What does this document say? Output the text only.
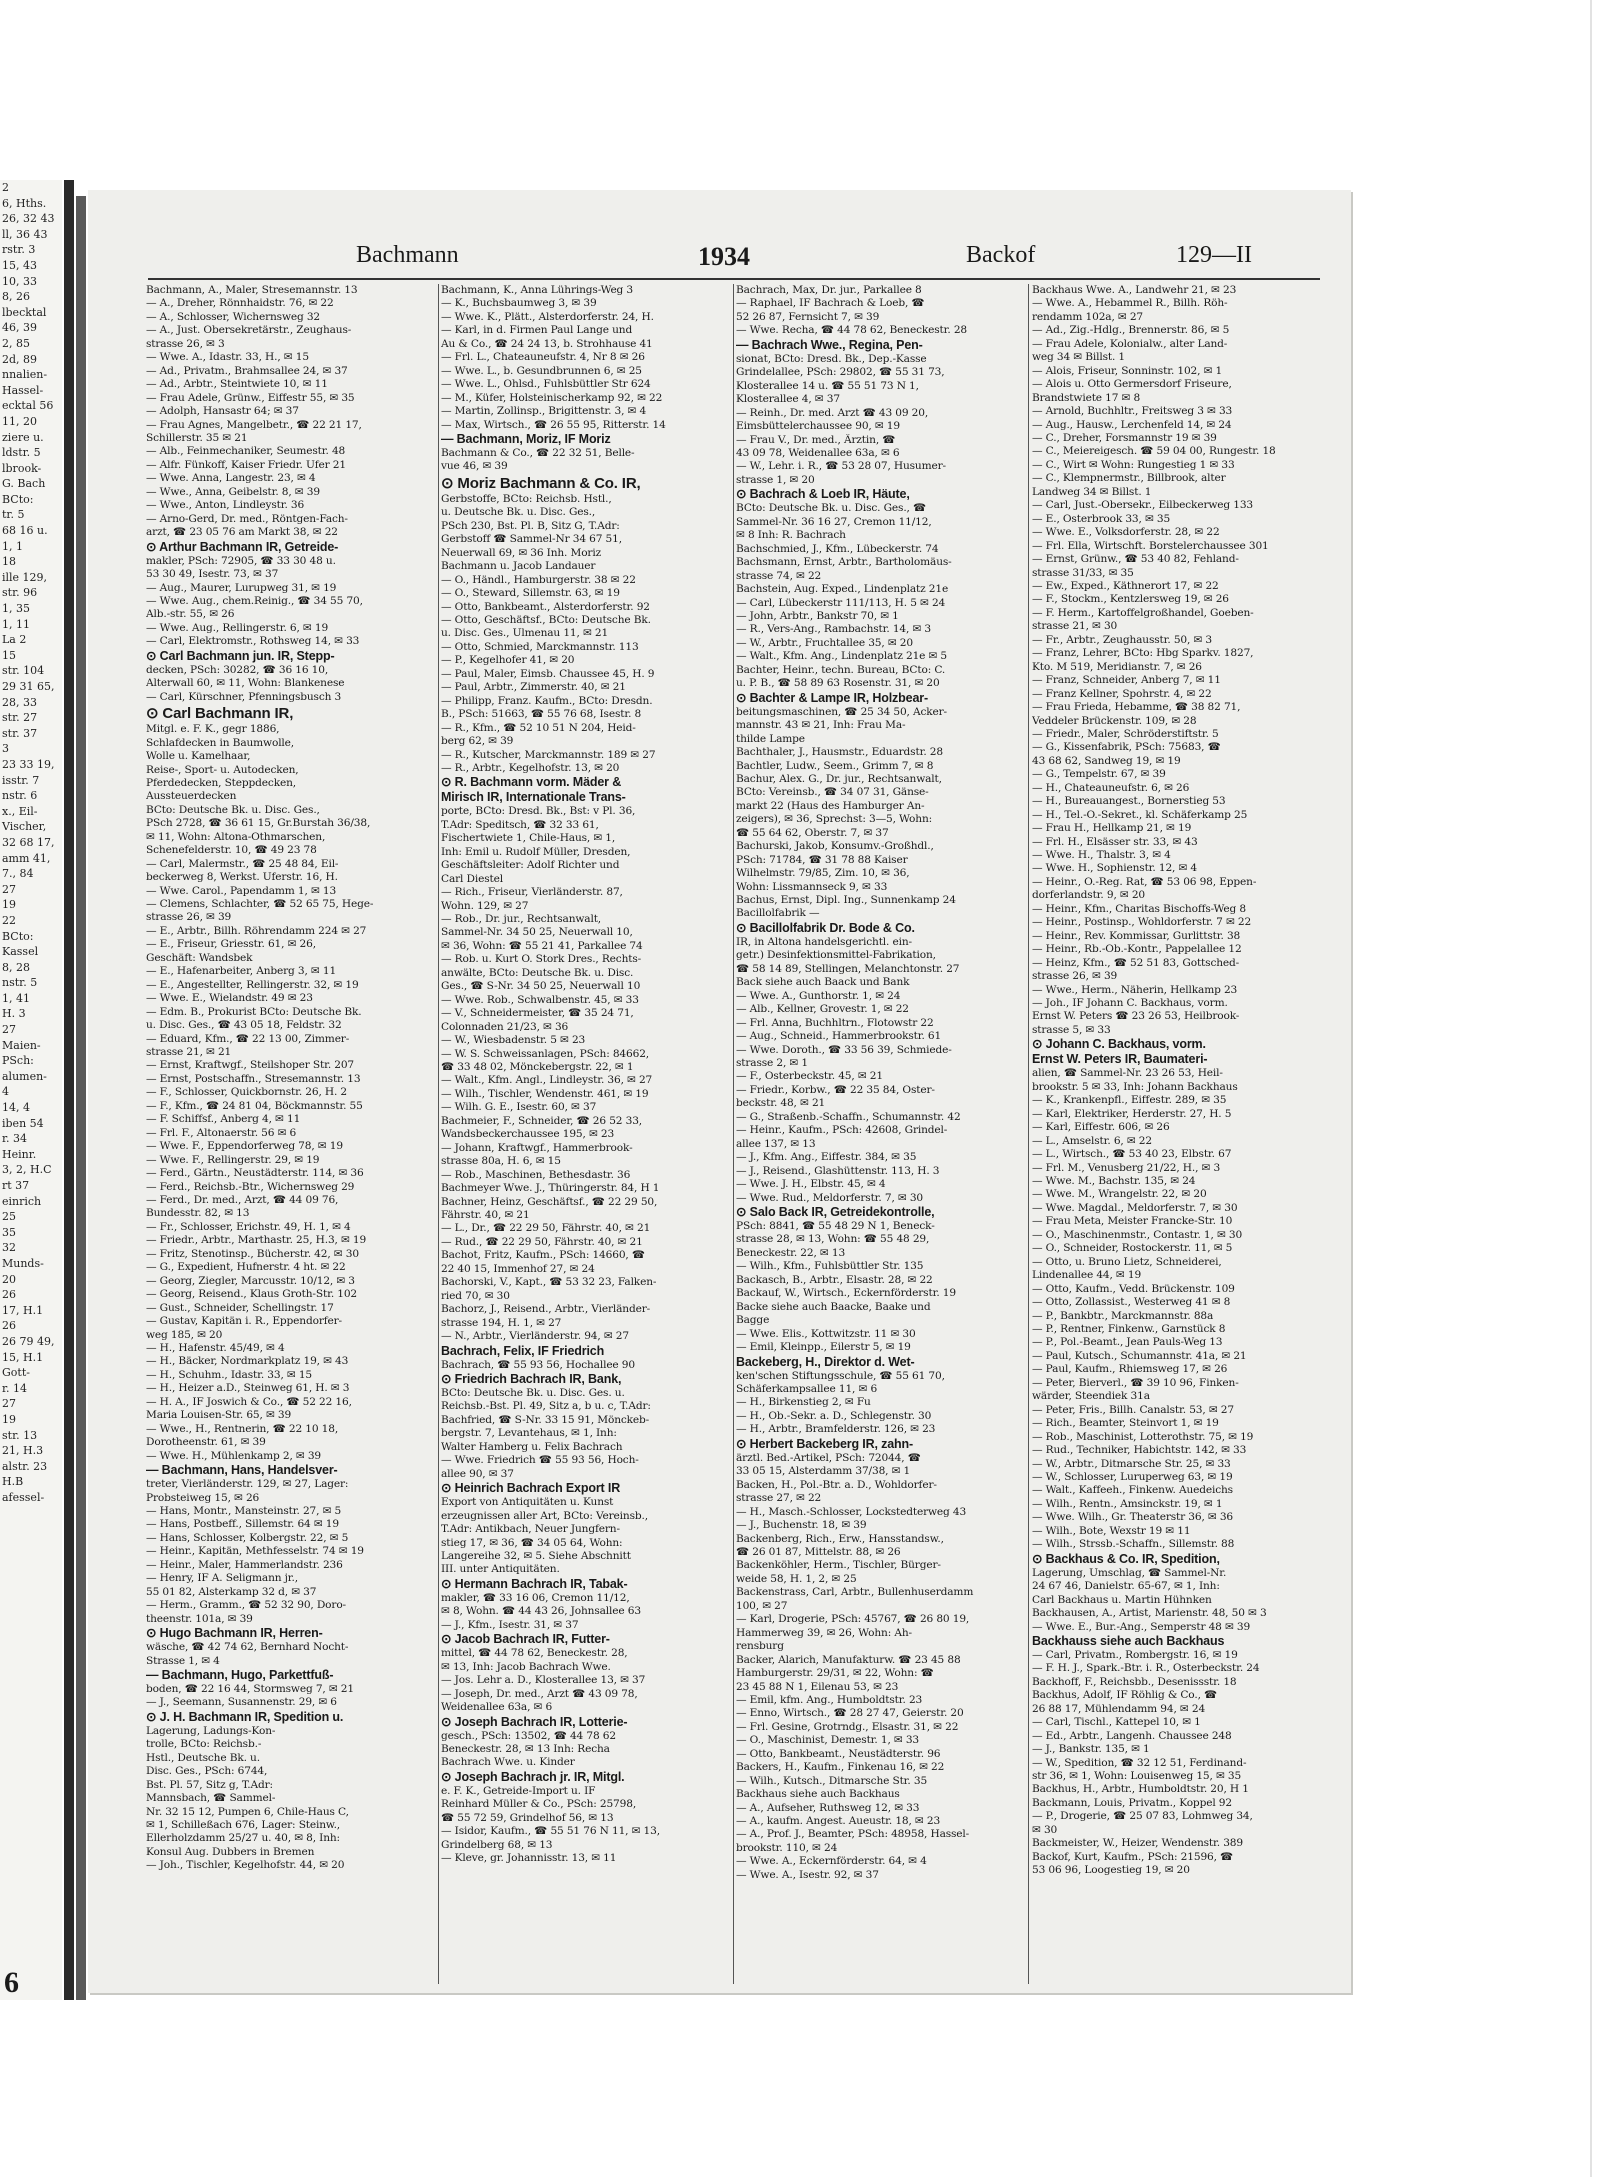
2
6, Hths.
26, 32 43
ll, 36 43
rstr. 3
15, 43
10, 33
8, 26
lbecktal
46, 39
2, 85
2d, 89
nnalien-
Hassel-
ecktal 56
11, 20
ziere u.
ldstr. 5
lbrook-
G. Bach
BCto:
tr. 5
68 16 u.
1, 1
18
ille 129,
str. 96
1, 35
1, 11
La 2
15
str. 104
29 31 65,
28, 33
str. 27
str. 37
3
23 33 19,
isstr. 7
nstr. 6
x., Eil-
Vischer,
32 68 17,
amm 41,
7., 84
27
19
22
BCto:
Kassel
8, 28
nstr. 5
1, 41
H. 3
27
Maien-
PSch:
alumen-
4
14, 4
iben 54
r. 34
Heinr.
3, 2, H.C
rt 37
einrich
25
35
32
Munds-
20
26
17, H.1
26
26 79 49,
15, H.1
Gott-
r. 14
27
19
str. 13
21, H.3
alstr. 23
H.B
afessel-
6
Bachmann	1934	Backof	129—II
Bachmann, A., Maler, Stresemannstr. 13
— A., Dreher, Rönnhaidstr. 76, ✉ 22
— A., Schlosser, Wichernsweg 32
— A., Just. Obersekretärstr., Zeughaus-
strasse 26, ✉ 3
— Wwe. A., Idastr. 33, H., ✉ 15
— Ad., Privatm., Brahmsallee 24, ✉ 37
— Ad., Arbtr., Steintwiete 10, ✉ 11
— Frau Adele, Grünw., Eiffestr 55, ✉ 35
— Adolph, Hansastr 64; ✉ 37
— Frau Agnes, Mangelbetr., ☎ 22 21 17,
Schillerstr. 35 ✉ 21
— Alb., Feinmechaniker, Seumestr. 48
— Alfr. Fünkoff, Kaiser Friedr. Ufer 21
— Wwe. Anna, Langestr. 23, ✉ 4
— Wwe., Anna, Geibelstr. 8, ✉ 39
— Wwe., Anton, Lindleystr. 36
— Arno-Gerd, Dr. med., Röntgen-Fach-
arzt, ☎ 23 05 76 am Markt 38, ✉ 22
⊙ Arthur Bachmann IR, Getreide-
makler, PSch: 72905, ☎ 33 30 48 u.
53 30 49, Isestr. 73, ✉ 37
— Aug., Maurer, Lurupweg 31, ✉ 19
— Wwe. Aug., chem.Reinig., ☎ 34 55 70,
Alb.-str. 55, ✉ 26
— Wwe. Aug., Rellingerstr. 6, ✉ 19
— Carl, Elektromstr., Rothsweg 14, ✉ 33
⊙ Carl Bachmann jun. IR, Stepp-
decken, PSch: 30282, ☎ 36 16 10,
Alterwall 60, ✉ 11, Wohn: Blankenese
— Carl, Kürschner, Pfenningsbusch 3
⊙ Carl Bachmann IR,
Mitgl. e. F. K., gegr 1886,
Schlafdecken in Baumwolle,
Wolle u. Kamelhaar,
Reise-, Sport- u. Autodecken,
Pferdedecken, Steppdecken,
Aussteuerdecken
BCto: Deutsche Bk. u. Disc. Ges.,
PSch 2728, ☎ 36 61 15, Gr.Burstah 36/38,
✉ 11, Wohn: Altona-Othmarschen,
Schenefelderstr. 10, ☎ 49 23 78
— Carl, Malermstr., ☎ 25 48 84, Eil-
beckerweg 8, Werkst. Uferstr. 16, H.
— Wwe. Carol., Papendamm 1, ✉ 13
— Clemens, Schlachter, ☎ 52 65 75, Hege-
strasse 26, ✉ 39
— E., Arbtr., Billh. Röhrendamm 224 ✉ 27
— E., Friseur, Griesstr. 61, ✉ 26,
Geschäft: Wandsbek
— E., Hafenarbeiter, Anberg 3, ✉ 11
— E., Angestellter, Rellingerstr. 32, ✉ 19
— Wwe. E., Wielandstr. 49 ✉ 23
— Edm. B., Prokurist BCto: Deutsche Bk.
u. Disc. Ges., ☎ 43 05 18, Feldstr. 32
— Eduard, Kfm., ☎ 22 13 00, Zimmer-
strasse 21, ✉ 21
— Ernst, Kraftwgf., Steilshoper Str. 207
— Ernst, Postschaffn., Stresemannstr. 13
— F., Schlosser, Quickbornstr. 26, H. 2
— F., Kfm., ☎ 24 81 04, Böckmannstr. 55
— F. Schiffsf., Anberg 4, ✉ 11
— Frl. F., Altonaerstr. 56 ✉ 6
— Wwe. F., Eppendorferweg 78, ✉ 19
— Wwe. F., Rellingerstr. 29, ✉ 19
— Ferd., Gärtn., Neustädterstr. 114, ✉ 36
— Ferd., Reichsb.-Btr., Wichernsweg 29
— Ferd., Dr. med., Arzt, ☎ 44 09 76,
Bundesstr. 82, ✉ 13
— Fr., Schlosser, Erichstr. 49, H. 1, ✉ 4
— Friedr., Arbtr., Marthastr. 25, H.3, ✉ 19
— Fritz, Stenotinsp., Bücherstr. 42, ✉ 30
— G., Expedient, Hufnerstr. 4 ht. ✉ 22
— Georg, Ziegler, Marcusstr. 10/12, ✉ 3
— Georg, Reisend., Klaus Groth-Str. 102
— Gust., Schneider, Schellingstr. 17
— Gustav, Kapitän i. R., Eppendorfer-
weg 185, ✉ 20
— H., Hafenstr. 45/49, ✉ 4
— H., Bäcker, Nordmarkplatz 19, ✉ 43
— H., Schuhm., Idastr. 33, ✉ 15
— H., Heizer a.D., Steinweg 61, H. ✉ 3
— H. A., IF Joswich & Co., ☎ 52 22 16,
Maria Louisen-Str. 65, ✉ 39
— Wwe., H., Rentnerin, ☎ 22 10 18,
Dorotheenstr. 61, ✉ 39
— Wwe. H., Mühlenkamp 2, ✉ 39
— Bachmann, Hans, Handelsver-
treter, Vierländerstr. 129, ✉ 27, Lager:
Probsteiweg 15, ✉ 26
— Hans, Montr., Mansteinstr. 27, ✉ 5
— Hans, Postbeff., Sillemstr. 64 ✉ 19
— Hans, Schlosser, Kolbergstr. 22, ✉ 5
— Heinr., Kapitän, Methfesselstr. 74 ✉ 19
— Heinr., Maler, Hammerlandstr. 236
— Henry, IF A. Seligmann jr.,
55 01 82, Alsterkamp 32 d, ✉ 37
— Herm., Gramm., ☎ 52 32 90, Doro-
theenstr. 101a, ✉ 39
⊙ Hugo Bachmann IR, Herren-
wäsche, ☎ 42 74 62, Bernhard Nocht-
Strasse 1, ✉ 4
— Bachmann, Hugo, Parkettfuß-
boden, ☎ 22 16 44, Stormsweg 7, ✉ 21
— J., Seemann, Susannenstr. 29, ✉ 6
⊙ J. H. Bachmann IR, Spedition u.
Lagerung, Ladungs-Kon-
trolle, BCto: Reichsb.-
Hstl., Deutsche Bk. u.
Disc. Ges., PSch: 6744,
Bst. Pl. 57, Sitz g, T.Adr:
Mannsbach, ☎ Sammel-
Nr. 32 15 12, Pumpen 6, Chile-Haus C,
✉ 1, Schilleßach 676, Lager: Steinw.,
Ellerholzdamm 25/27 u. 40, ✉ 8, Inh:
Konsul Aug. Dubbers in Bremen
— Joh., Tischler, Kegelhofstr. 44, ✉ 20
Bachmann, K., Anna Lührings-Weg 3
— K., Buchsbaumweg 3, ✉ 39
— Wwe. K., Plätt., Alsterdorferstr. 24, H.
— Karl, in d. Firmen Paul Lange und
Au & Co., ☎ 24 24 13, b. Strohhause 41
— Frl. L., Chateauneufstr. 4, Nr 8 ✉ 26
— Wwe. L., b. Gesundbrunnen 6, ✉ 25
— Wwe. L., Ohlsd., Fuhlsbüttler Str 624
— M., Küfer, Holsteinischerkamp 92, ✉ 22
— Martin, Zollinsp., Brigittenstr. 3, ✉ 4
— Max, Wirtsch., ☎ 26 55 95, Ritterstr. 14
— Bachmann, Moriz, IF Moriz
Bachmann & Co., ☎ 22 32 51, Belle-
vue 46, ✉ 39
⊙ Moriz Bachmann & Co. IR,
Gerbstoffe, BCto: Reichsb. Hstl.,
u. Deutsche Bk. u. Disc. Ges.,
PSch 230, Bst. Pl. B, Sitz G, T.Adr:
Gerbstoff ☎ Sammel-Nr 34 67 51,
Neuerwall 69, ✉ 36 Inh. Moriz
Bachmann u. Jacob Landauer
— O., Händl., Hamburgerstr. 38 ✉ 22
— O., Steward, Sillemstr. 63, ✉ 19
— Otto, Bankbeamt., Alsterdorferstr. 92
— Otto, Geschäftsf., BCto: Deutsche Bk.
u. Disc. Ges., Ulmenau 11, ✉ 21
— Otto, Schmied, Marckmannstr. 113
— P., Kegelhofer 41, ✉ 20
— Paul, Maler, Eimsb. Chaussee 45, H. 9
— Paul, Arbtr., Zimmerstr. 40, ✉ 21
— Philipp, Franz. Kaufm., BCto: Dresdn.
B., PSch: 51663, ☎ 55 76 68, Isestr. 8
— R., Kfm., ☎ 52 10 51 N 204, Heid-
berg 62, ✉ 39
— R., Kutscher, Marckmannstr. 189 ✉ 27
— R., Arbtr., Kegelhofstr. 13, ✉ 20
⊙ R. Bachmann vorm. Mäder &
Mirisch IR, Internationale Trans-
porte, BCto: Dresd. Bk., Bst: v Pl. 36,
T.Adr: Speditsch, ☎ 32 33 61,
Fischertwiete 1, Chile-Haus, ✉ 1,
Inh: Emil u. Rudolf Müller, Dresden,
Geschäftsleiter: Adolf Richter und
Carl Diestel
— Rich., Friseur, Vierländerstr. 87,
Wohn. 129, ✉ 27
— Rob., Dr. jur., Rechtsanwalt,
Sammel-Nr. 34 50 25, Neuerwall 10,
✉ 36, Wohn: ☎ 55 21 41, Parkallee 74
— Rob. u. Kurt O. Stork Dres., Rechts-
anwälte, BCto: Deutsche Bk. u. Disc.
Ges., ☎ S-Nr. 34 50 25, Neuerwall 10
— Wwe. Rob., Schwalbenstr. 45, ✉ 33
— V., Schneidermeister, ☎ 35 24 71,
Colonnaden 21/23, ✉ 36
— W., Wiesbadenstr. 5 ✉ 23
— W. S. Schweissanlagen, PSch: 84662,
☎ 33 48 02, Mönckebergstr. 22, ✉ 1
— Walt., Kfm. Angl., Lindleystr. 36, ✉ 27
— Wilh., Tischler, Wendenstr. 461, ✉ 19
— Wilh. G. E., Isestr. 60, ✉ 37
Bachmeier, F., Schneider, ☎ 26 52 33,
Wandsbeckerchaussee 195, ✉ 23
— Johann, Kraftwgf., Hammerbrook-
strasse 80a, H. 6, ✉ 15
— Rob., Maschinen, Bethesdastr. 36
Bachmeyer Wwe. J., Thüringerstr. 84, H 1
Bachner, Heinz, Geschäftsf., ☎ 22 29 50,
Fährstr. 40, ✉ 21
— L., Dr., ☎ 22 29 50, Fährstr. 40, ✉ 21
— Rud., ☎ 22 29 50, Fährstr. 40, ✉ 21
Bachot, Fritz, Kaufm., PSch: 14660, ☎
22 40 15, Immenhof 27, ✉ 24
Bachorski, V., Kapt., ☎ 53 32 23, Falken-
ried 70, ✉ 30
Bachorz, J., Reisend., Arbtr., Vierländer-
strasse 194, H. 1, ✉ 27
— N., Arbtr., Vierländerstr. 94, ✉ 27
Bachrach, Felix, IF Friedrich
Bachrach, ☎ 55 93 56, Hochallee 90
⊙ Friedrich Bachrach IR, Bank,
BCto: Deutsche Bk. u. Disc. Ges. u.
Reichsb.-Bst. Pl. 49, Sitz a, b u. c, T.Adr:
Bachfried, ☎ S-Nr. 33 15 91, Mönckeb-
bergstr. 7, Levantehaus, ✉ 1, Inh:
Walter Hamberg u. Felix Bachrach
— Wwe. Friedrich ☎ 55 93 56, Hoch-
allee 90, ✉ 37
⊙ Heinrich Bachrach Export IR
Export von Antiquitäten u. Kunst
erzeugnissen aller Art, BCto: Vereinsb.,
T.Adr: Antikbach, Neuer Jungfern-
stieg 17, ✉ 36, ☎ 34 05 64, Wohn:
Langereihe 32, ✉ 5. Siehe Abschnitt
III. unter Antiquitäten.
⊙ Hermann Bachrach IR, Tabak-
makler, ☎ 33 16 06, Cremon 11/12,
✉ 8, Wohn. ☎ 44 43 26, Johnsallee 63
— J., Kfm., Isestr. 31, ✉ 37
⊙ Jacob Bachrach IR, Futter-
mittel, ☎ 44 78 62, Beneckestr. 28,
✉ 13, Inh: Jacob Bachrach Wwe.
— Jos. Lehr a. D., Klosterallee 13, ✉ 37
— Joseph, Dr. med., Arzt ☎ 43 09 78,
Weidenallee 63a, ✉ 6
⊙ Joseph Bachrach IR, Lotterie-
gesch., PSch: 13502, ☎ 44 78 62
Beneckestr. 28, ✉ 13 Inh: Recha
Bachrach Wwe. u. Kinder
⊙ Joseph Bachrach jr. IR, Mitgl.
e. F. K., Getreide-Import u. IF
Reinhard Müller & Co., PSch: 25798,
☎ 55 72 59, Grindelhof 56, ✉ 13
— Isidor, Kaufm., ☎ 55 51 76 N 11, ✉ 13,
Grindelberg 68, ✉ 13
— Kleve, gr. Johannisstr. 13, ✉ 11
Bachrach, Max, Dr. jur., Parkallee 8
— Raphael, IF Bachrach & Loeb, ☎
52 26 87, Fernsicht 7, ✉ 39
— Wwe. Recha, ☎ 44 78 62, Beneckestr. 28
— Bachrach Wwe., Regina, Pen-
sionat, BCto: Dresd. Bk., Dep.-Kasse
Grindelallee, PSch: 29802, ☎ 55 31 73,
Klosterallee 14 u. ☎ 55 51 73 N 1,
Klosterallee 4, ✉ 37
— Reinh., Dr. med. Arzt ☎ 43 09 20,
Eimsbüttelerchaussee 90, ✉ 19
— Frau V., Dr. med., Ärztin, ☎
43 09 78, Weidenallee 63a, ✉ 6
— W., Lehr. i. R., ☎ 53 28 07, Husumer-
strasse 1, ✉ 20
⊙ Bachrach & Loeb IR, Häute,
BCto: Deutsche Bk. u. Disc. Ges., ☎
Sammel-Nr. 36 16 27, Cremon 11/12,
✉ 8 Inh: R. Bachrach
Bachschmied, J., Kfm., Lübeckerstr. 74
Bachsmann, Ernst, Arbtr., Bartholomäus-
strasse 74, ✉ 22
Bachstein, Aug. Exped., Lindenplatz 21e
— Carl, Lübeckerstr 111/113, H. 5 ✉ 24
— John, Arbtr., Bankstr 70, ✉ 1
— R., Vers-Ang., Rambachstr. 14, ✉ 3
— W., Arbtr., Fruchtallee 35, ✉ 20
— Walt., Kfm. Ang., Lindenplatz 21e ✉ 5
Bachter, Heinr., techn. Bureau, BCto: C.
u. P. B., ☎ 58 89 63 Rosenstr. 31, ✉ 20
⊙ Bachter & Lampe IR, Holzbear-
beitungsmaschinen, ☎ 25 34 50, Acker-
mannstr. 43 ✉ 21, Inh: Frau Ma-
thilde Lampe
Bachthaler, J., Hausmstr., Eduardstr. 28
Bachtler, Ludw., Seem., Grimm 7, ✉ 8
Bachur, Alex. G., Dr. jur., Rechtsanwalt,
BCto: Vereinsb., ☎ 34 07 31, Gänse-
markt 22 (Haus des Hamburger An-
zeigers), ✉ 36, Sprechst: 3—5, Wohn:
☎ 55 64 62, Oberstr. 7, ✉ 37
Bachurski, Jakob, Konsumv.-Großhdl.,
PSch: 71784, ☎ 31 78 88 Kaiser
Wilhelmstr. 79/85, Zim. 10, ✉ 36,
Wohn: Lissmannseck 9, ✉ 33
Bachus, Ernst, Dipl. Ing., Sunnenkamp 24
Bacillolfabrik —
⊙ Bacillolfabrik Dr. Bode & Co.
IR, in Altona handelsgerichtl. ein-
getr.) Desinfektionsmittel-Fabrikation,
☎ 58 14 89, Stellingen, Melanchtonstr. 27
Back siehe auch Baack und Bank
— Wwe. A., Gunthorstr. 1, ✉ 24
— Alb., Kellner, Grovestr. 1, ✉ 22
— Frl. Anna, Buchhltrn., Flotowstr 22
— Aug., Schneid., Hammerbrookstr. 61
— Wwe. Doroth., ☎ 33 56 39, Schmiede-
strasse 2, ✉ 1
— F., Osterbeckstr. 45, ✉ 21
— Friedr., Korbw., ☎ 22 35 84, Oster-
beckstr. 48, ✉ 21
— G., Straßenb.-Schaffn., Schumannstr. 42
— Heinr., Kaufm., PSch: 42608, Grindel-
allee 137, ✉ 13
— J., Kfm. Ang., Eiffestr. 384, ✉ 35
— J., Reisend., Glashüttenstr. 113, H. 3
— Wwe. J. H., Elbstr. 45, ✉ 4
— Wwe. Rud., Meldorferstr. 7, ✉ 30
⊙ Salo Back IR, Getreidekontrolle,
PSch: 8841, ☎ 55 48 29 N 1, Beneck-
strasse 28, ✉ 13, Wohn: ☎ 55 48 29,
Beneckestr. 22, ✉ 13
— Wilh., Kfm., Fuhlsbüttler Str. 135
Backasch, B., Arbtr., Elsastr. 28, ✉ 22
Backauf, W., Wirtsch., Eckernförderstr. 19
Backe siehe auch Baacke, Baake und
Bagge
— Wwe. Elis., Kottwitzstr. 11 ✉ 30
— Emil, Kleinpp., Eilerstr 5, ✉ 19
Backeberg, H., Direktor d. Wet-
ken'schen Stiftungsschule, ☎ 55 61 70,
Schäferkampsallee 11, ✉ 6
— H., Birkenstieg 2, ✉ Fu
— H., Ob.-Sekr. a. D., Schlegenstr. 30
— H., Arbtr., Bramfelderstr. 126, ✉ 23
⊙ Herbert Backeberg IR, zahn-
ärztl. Bed.-Artikel, PSch: 72044, ☎
33 05 15, Alsterdamm 37/38, ✉ 1
Backen, H., Pol.-Btr. a. D., Wohldorfer-
strasse 27, ✉ 22
— H., Masch.-Schlosser, Lockstedterweg 43
— J., Buchenstr. 18, ✉ 39
Backenberg, Rich., Erw., Hansstandsw.,
☎ 26 01 87, Mittelstr. 88, ✉ 26
Backenköhler, Herm., Tischler, Bürger-
weide 58, H. 1, 2, ✉ 25
Backenstrass, Carl, Arbtr., Bullenhuserdamm
100, ✉ 27
— Karl, Drogerie, PSch: 45767, ☎ 26 80 19,
Hammerweg 39, ✉ 26, Wohn: Ah-
rensburg
Backer, Alarich, Manufakturw. ☎ 23 45 88
Hamburgerstr. 29/31, ✉ 22, Wohn: ☎
23 45 88 N 1, Eilenau 53, ✉ 23
— Emil, kfm. Ang., Humboldtstr. 23
— Enno, Wirtsch., ☎ 28 27 47, Geierstr. 20
— Frl. Gesine, Grotrndg., Elsastr. 31, ✉ 22
— O., Maschinist, Demestr. 1, ✉ 33
— Otto, Bankbeamt., Neustädterstr. 96
Backers, H., Kaufm., Finkenau 16, ✉ 22
— Wilh., Kutsch., Ditmarsche Str. 35
Backhaus siehe auch Backhaus
— A., Aufseher, Ruthsweg 12, ✉ 33
— A., kaufm. Angest. Aueustr. 18, ✉ 23
— A., Prof. J., Beamter, PSch: 48958, Hassel-
brookstr. 110, ✉ 24
— Wwe. A., Eckernförderstr. 64, ✉ 4
— Wwe. A., Isestr. 92, ✉ 37
Backhaus Wwe. A., Landwehr 21, ✉ 23
— Wwe. A., Hebammel R., Billh. Röh-
rendamm 102a, ✉ 27
— Ad., Zig.-Hdlg., Brennerstr. 86, ✉ 5
— Frau Adele, Kolonialw., alter Land-
weg 34 ✉ Billst. 1
— Alois, Friseur, Sonninstr. 102, ✉ 1
— Alois u. Otto Germersdorf Friseure,
Brandstwiete 17 ✉ 8
— Arnold, Buchhltr., Freitsweg 3 ✉ 33
— Aug., Hausw., Lerchenfeld 14, ✉ 24
— C., Dreher, Forsmannstr 19 ✉ 39
— C., Meiereigesch. ☎ 59 04 00, Rungestr. 18
— C., Wirt ✉ Wohn: Rungestieg 1 ✉ 33
— C., Klempnermstr., Billbrook, alter
Landweg 34 ✉ Billst. 1
— Carl, Just.-Obersekr., Eilbeckerweg 133
— E., Osterbrook 33, ✉ 35
— Wwe. E., Volksdorferstr. 28, ✉ 22
— Frl. Ella, Wirtschft. Borstelerchaussee 301
— Ernst, Grünw., ☎ 53 40 82, Fehland-
strasse 31/33, ✉ 35
— Ew., Exped., Käthnerort 17, ✉ 22
— F., Stockm., Kentzlersweg 19, ✉ 26
— F. Herm., Kartoffelgroßhandel, Goeben-
strasse 21, ✉ 30
— Fr., Arbtr., Zeughausstr. 50, ✉ 3
— Franz, Lehrer, BCto: Hbg Sparkv. 1827,
Kto. M 519, Meridianstr. 7, ✉ 26
— Franz, Schneider, Anberg 7, ✉ 11
— Franz Kellner, Spohrstr. 4, ✉ 22
— Frau Frieda, Hebamme, ☎ 38 82 71,
Veddeler Brückenstr. 109, ✉ 28
— Friedr., Maler, Schröderstiftstr. 5
— G., Kissenfabrik, PSch: 75683, ☎
43 68 62, Sandweg 19, ✉ 19
— G., Tempelstr. 67, ✉ 39
— H., Chateauneufstr. 6, ✉ 26
— H., Bureauangest., Bornerstieg 53
— H., Tel.-O.-Sekret., kl. Schäferkamp 25
— Frau H., Hellkamp 21, ✉ 19
— Frl. H., Elsässer str. 33, ✉ 43
— Wwe. H., Thalstr. 3, ✉ 4
— Wwe. H., Sophienstr. 12, ✉ 4
— Heinr., O.-Reg. Rat, ☎ 53 06 98, Eppen-
dorferlandstr. 9, ✉ 20
— Heinr., Kfm., Charitas Bischoffs-Weg 8
— Heinr., Postinsp., Wohldorferstr. 7 ✉ 22
— Heinr., Rev. Kommissar, Gurlittstr. 38
— Heinr., Rb.-Ob.-Kontr., Pappelallee 12
— Heinz, Kfm., ☎ 52 51 83, Gottsched-
strasse 26, ✉ 39
— Wwe., Herm., Näherin, Hellkamp 23
— Joh., IF Johann C. Backhaus, vorm.
Ernst W. Peters ☎ 23 26 53, Heilbrook-
strasse 5, ✉ 33
⊙ Johann C. Backhaus, vorm.
Ernst W. Peters IR, Baumateri-
alien, ☎ Sammel-Nr. 23 26 53, Heil-
brookstr. 5 ✉ 33, Inh: Johann Backhaus
— K., Krankenpfl., Eiffestr. 289, ✉ 35
— Karl, Elektriker, Herderstr. 27, H. 5
— Karl, Eiffestr. 606, ✉ 26
— L., Amselstr. 6, ✉ 22
— L., Wirtsch., ☎ 53 40 23, Elbstr. 67
— Frl. M., Venusberg 21/22, H., ✉ 3
— Wwe. M., Bachstr. 135, ✉ 24
— Wwe. M., Wrangelstr. 22, ✉ 20
— Wwe. Magdal., Meldorferstr. 7, ✉ 30
— Frau Meta, Meister Francke-Str. 10
— O., Maschinenmstr., Contastr. 1, ✉ 30
— O., Schneider, Rostockerstr. 11, ✉ 5
— Otto, u. Bruno Lietz, Schneiderei,
Lindenallee 44, ✉ 19
— Otto, Kaufm., Vedd. Brückenstr. 109
— Otto, Zollassist., Westerweg 41 ✉ 8
— P., Bankbtr., Marckmannstr. 88a
— P., Rentner, Finkenw., Garnstück 8
— P., Pol.-Beamt., Jean Pauls-Weg 13
— Paul, Kutsch., Schumannstr. 41a, ✉ 21
— Paul, Kaufm., Rhiemsweg 17, ✉ 26
— Peter, Bierverl., ☎ 39 10 96, Finken-
wärder, Steendiek 31a
— Peter, Fris., Billh. Canalstr. 53, ✉ 27
— Rich., Beamter, Steinvort 1, ✉ 19
— Rob., Maschinist, Lotterothstr. 75, ✉ 19
— Rud., Techniker, Habichtstr. 142, ✉ 33
— W., Arbtr., Ditmarsche Str. 25, ✉ 33
— W., Schlosser, Luruperweg 63, ✉ 19
— Walt., Kaffeeh., Finkenw. Auedeichs
— Wilh., Rentn., Amsinckstr. 19, ✉ 1
— Wwe. Wilh., Gr. Theaterstr 36, ✉ 36
— Wilh., Bote, Wexstr 19 ✉ 11
— Wilh., Strssb.-Schaffn., Sillemstr. 88
⊙ Backhaus & Co. IR, Spedition,
Lagerung, Umschlag, ☎ Sammel-Nr.
24 67 46, Danielstr. 65-67, ✉ 1, Inh:
Carl Backhaus u. Martin Hühnken
Backhausen, A., Artist, Marienstr. 48, 50 ✉ 3
— Wwe. E., Bur.-Ang., Semperstr 48 ✉ 39
Backhauss siehe auch Backhaus
— Carl, Privatm., Rombergstr. 16, ✉ 19
— F. H. J., Spark.-Btr. i. R., Osterbeckstr. 24
Backhoff, F., Reichsbb., Desenissstr. 18
Backhus, Adolf, IF Röhlig & Co., ☎
26 88 17, Mühlendamm 94, ✉ 24
— Carl, Tischl., Kattepel 10, ✉ 1
— Ed., Arbtr., Langenh. Chaussee 248
— J., Bankstr. 135, ✉ 1
— W., Spedition, ☎ 32 12 51, Ferdinand-
str 36, ✉ 1, Wohn: Louisenweg 15, ✉ 35
Backhus, H., Arbtr., Humboldtstr. 20, H 1
Backmann, Louis, Privatm., Koppel 92
— P., Drogerie, ☎ 25 07 83, Lohmweg 34,
✉ 30
Backmeister, W., Heizer, Wendenstr. 389
Backof, Kurt, Kaufm., PSch: 21596, ☎
53 06 96, Loogestieg 19, ✉ 20
